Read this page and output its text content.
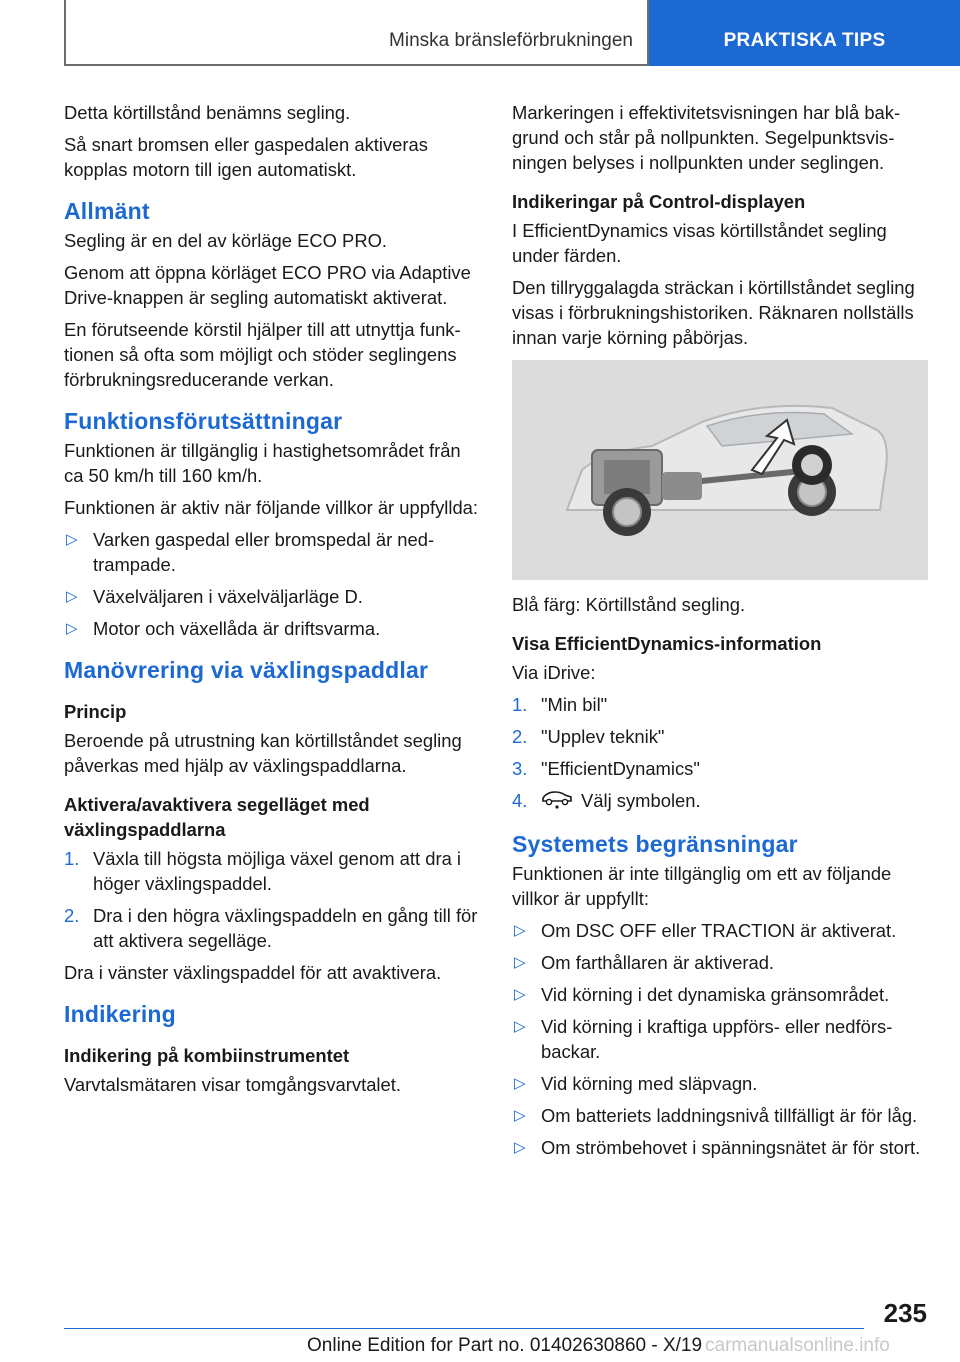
Minska bränsleförbrukningen	PRAKTISKA TIPS

Detta körtillstånd benämns segling.

Så snart bromsen eller gaspedalen aktiveras kopplas motorn till igen automatiskt.

Allmänt

Segling är en del av körläge ECO PRO.

Genom att öppna körläget ECO PRO via Adaptive Drive-knappen är segling automatiskt aktiverat.

En förutseende körstil hjälper till att utnyttja funktionen så ofta som möjligt och stöder seglingens förbrukningsreducerande verkan.

Funktionsförutsättningar

Funktionen är tillgänglig i hastighetsområdet från ca 50 km/h till 160 km/h.

Funktionen är aktiv när följande villkor är uppfyllda:

▷ Varken gaspedal eller bromspedal är nedtrampade.
▷ Växelväljaren i växelväljarläge D.
▷ Motor och växellåda är driftsvarma.
Manövrering via växlingspaddlar
Princip

Beroende på utrustning kan körtillståndet segling påverkas med hjälp av växlingspaddlarna.

Aktivera/avaktivera segelläget med växlingspaddlarna
1. Växla till högsta möjliga växel genom att dra i höger växlingspaddel.
2. Dra i den högra växlingspaddeln en gång till för att aktivera segelläge.

Dra i vänster växlingspaddel för att avaktivera.

Indikering
Indikering på kombiinstrumentet

Varvtalsmätaren visar tomgångsvarvtalet.

Markeringen i effektivitetsvisningen har blå bakgrund och står på nollpunkten. Segelpunktsvisningen belyses i nollpunkten under seglingen.

Indikeringar på Control-displayen

I EfficientDynamics visas körtillståndet segling under färden.

Den tillryggalagda sträckan i körtillståndet segling visas i förbrukningshistoriken. Räknaren nollställs innan varje körning påbörjas.

Blå färg: Körtillstånd segling.

Visa EfficientDynamics-information

Via iDrive:

1. "Min bil"
2. "Upplev teknik"
3. "EfficientDynamics"
4.	Välj symbolen.
Systemets begränsningar

Funktionen är inte tillgänglig om ett av följande villkor är uppfyllt:

▷ Om DSC OFF eller TRACTION är aktiverat.
▷ Om farthållaren är aktiverad.
▷ Vid körning i det dynamiska gränsområdet.
▷ Vid körning i kraftiga uppförs- eller nedförsbackar.
▷ Vid körning med släpvagn.
▷ Om batteriets laddningsnivå tillfälligt är för låg.
▷ Om strömbehovet i spänningsnätet är för stort.
235
Online Edition for Part no. 01402630860 - X/19 carmanualsonline.info
